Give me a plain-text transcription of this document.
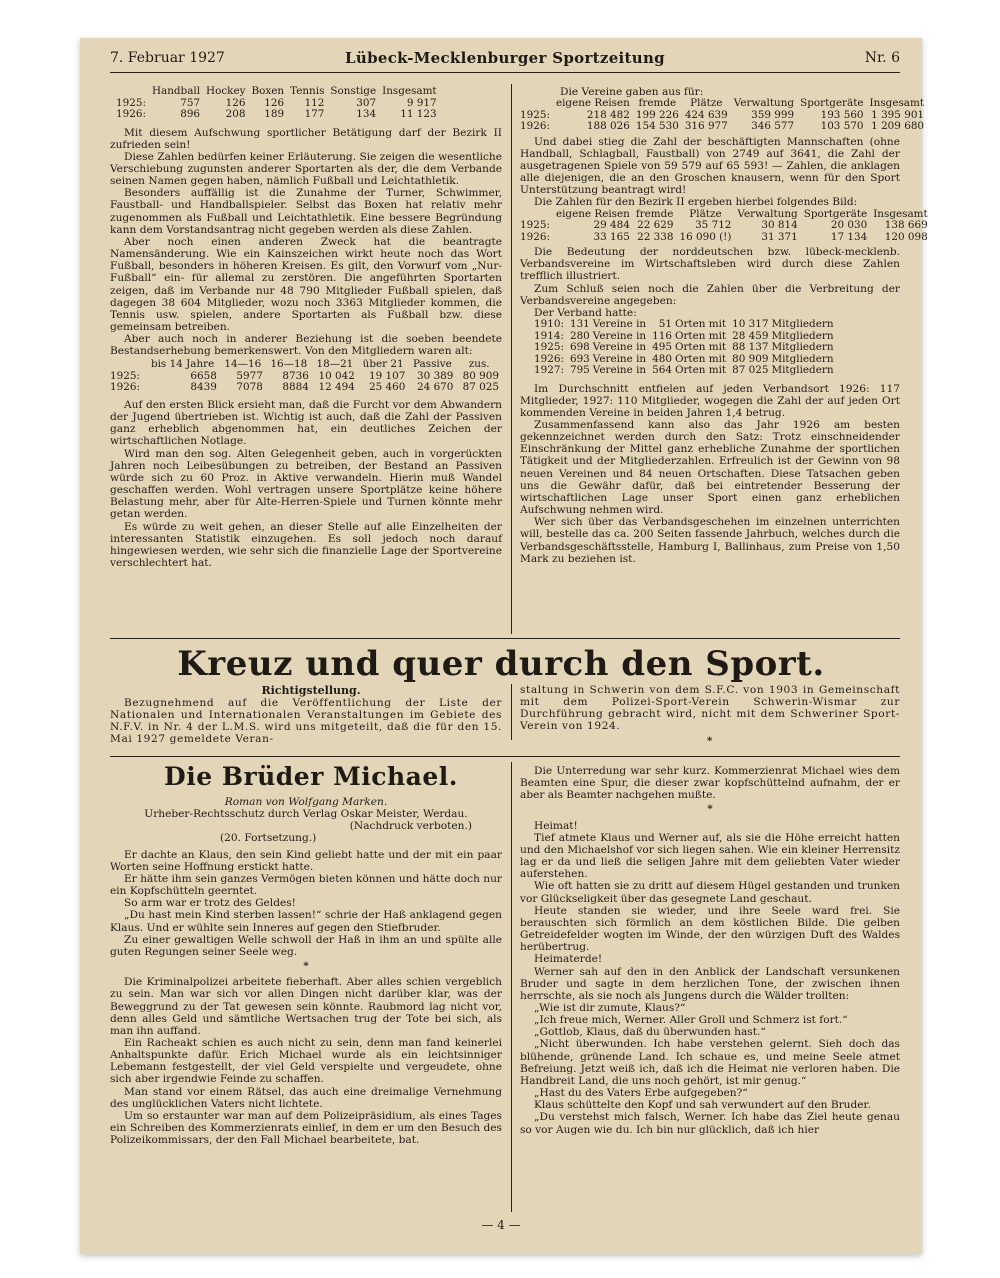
7. Februar 1927	Lübeck-Mecklenburger Sportzeitung	Nr. 6
	Handball	Hockey	Boxen	Tennis	Sonstige	Insgesamt
1925:	757	126	126	112	307	9 917
1926:	896	208	189	177	134	11 123

Mit diesem Aufschwung sportlicher Betätigung darf der Bezirk II zufrieden sein!

Diese Zahlen bedürfen keiner Erläuterung. Sie zeigen die wesentliche Verschiebung zugunsten anderer Sportarten als der, die dem Verbande seinen Namen gegen haben, nämlich Fußball und Leichtathletik.

Besonders auffällig ist die Zunahme der Turner, Schwimmer, Faustball- und Handballspieler. Selbst das Boxen hat relativ mehr zugenommen als Fußball und Leichtathletik. Eine bessere Begründung kann dem Vorstandsantrag nicht gegeben werden als diese Zahlen.

Aber noch einen anderen Zweck hat die beantragte Namensänderung. Wie ein Kainszeichen wirkt heute noch das Wort Fußball, besonders in höheren Kreisen. Es gilt, den Vorwurf vom „Nur-Fußball“ ein- für allemal zu zerstören. Die angeführten Sportarten zeigen, daß im Verbande nur 48 790 Mitglieder Fußball spielen, daß dagegen 38 604 Mitglieder, wozu noch 3363 Mitglieder kommen, die Tennis usw. spielen, andere Sportarten als Fußball bzw. diese gemeinsam betreiben.

Aber auch noch in anderer Beziehung ist die soeben beendete Bestandserhebung bemerkenswert. Von den Mitgliedern waren alt:

	bis 14 Jahre	14—16	16—18	18—21	über 21	Passive	zus.
1925:	6658	5977	8736	10 042	19 107	30 389	80 909
1926:	8439	7078	8884	12 494	25 460	24 670	87 025

Auf den ersten Blick ersieht man, daß die Furcht vor dem Abwandern der Jugend übertrieben ist. Wichtig ist auch, daß die Zahl der Passiven ganz erheblich abgenommen hat, ein deutliches Zeichen der wirtschaftlichen Notlage.

Wird man den sog. Alten Gelegenheit geben, auch in vorgerückten Jahren noch Leibesübungen zu betreiben, der Bestand an Passiven würde sich zu 60 Proz. in Aktive verwandeln. Hierin muß Wandel geschaffen werden. Wohl vertragen unsere Sportplätze keine höhere Belastung mehr, aber für Alte-Herren-Spiele und Turnen könnte mehr getan werden.

Es würde zu weit gehen, an dieser Stelle auf alle Einzelheiten der interessanten Statistik einzugehen. Es soll jedoch noch darauf hingewiesen werden, wie sehr sich die finanzielle Lage der Sportvereine verschlechtert hat.

Die Vereine gaben aus für:

	eigene Reisen	fremde	Plätze	Verwaltung	Sportgeräte	Insgesamt
1925:	218 482	199 226	424 639	359 999	193 560	1 395 901
1926:	188 026	154 530	316 977	346 577	103 570	1 209 680

Und dabei stieg die Zahl der beschäftigten Mannschaften (ohne Handball, Schlagball, Faustball) von 2749 auf 3641, die Zahl der ausgetragenen Spiele von 59 579 auf 65 593! — Zahlen, die anklagen alle diejenigen, die an den Groschen knausern, wenn für den Sport Unterstützung beantragt wird!

Die Zahlen für den Bezirk II ergeben hierbei folgendes Bild:

	eigene Reisen	fremde	Plätze	Verwaltung	Sportgeräte	Insgesamt
1925:	29 484	22 629	35 712	30 814	20 030	138 669
1926:	33 165	22 338	16 090 (!)	31 371	17 134	120 098

Die Bedeutung der norddeutschen bzw. lübeck-mecklenb. Verbandsvereine im Wirtschaftsleben wird durch diese Zahlen trefflich illustriert.

Zum Schluß seien noch die Zahlen über die Verbreitung der Verbandsvereine angegeben:

Der Verband hatte:

1910:	131	Vereine in	51	Orten mit	10 317	Mitgliedern
1914:	280	Vereine in	116	Orten mit	28 459	Mitgliedern
1925:	698	Vereine in	495	Orten mit	88 137	Mitgliedern
1926:	693	Vereine in	480	Orten mit	80 909	Mitgliedern
1927:	795	Vereine in	564	Orten mit	87 025	Mitgliedern

Im Durchschnitt entfielen auf jeden Verbandsort 1926: 117 Mitglieder, 1927: 110 Mitglieder, wogegen die Zahl der auf jeden Ort kommenden Vereine in beiden Jahren 1,4 betrug.

Zusammenfassend kann also das Jahr 1926 am besten gekennzeichnet werden durch den Satz: Trotz einschneidender Einschränkung der Mittel ganz erhebliche Zunahme der sportlichen Tätigkeit und der Mitgliederzahlen. Erfreulich ist der Gewinn von 98 neuen Vereinen und 84 neuen Ortschaften. Diese Tatsachen geben uns die Gewähr dafür, daß bei eintretender Besserung der wirtschaftlichen Lage unser Sport einen ganz erheblichen Aufschwung nehmen wird.

Wer sich über das Verbandsgeschehen im einzelnen unterrichten will, bestelle das ca. 200 Seiten fassende Jahrbuch, welches durch die Verbandsgeschäftsstelle, Hamburg I, Ballinhaus, zum Preise von 1,50 Mark zu beziehen ist.

Kreuz und quer durch den Sport.
Richtigstellung.

Bezugnehmend auf die Veröffentlichung der Liste der Nationalen und Internationalen Veranstaltungen im Gebiete des N.F.V. in Nr. 4 der L.M.S. wird uns mitgeteilt, daß die für den 15. Mai 1927 gemeldete Veran-

staltung in Schwerin von dem S.F.C. von 1903 in Gemeinschaft mit dem Polizei-Sport-Verein Schwerin-Wismar zur Durchführung gebracht wird, nicht mit dem Schweriner Sport-Verein von 1924.

*
Die Brüder Michael.

Roman von Wolfgang Marken.

Urheber-Rechtsschutz durch Verlag Oskar Meister, Werdau.

(Nachdruck verboten.)

(20. Fortsetzung.)

Er dachte an Klaus, den sein Kind geliebt hatte und der mit ein paar Worten seine Hoffnung erstickt hatte.

Er hätte ihm sein ganzes Vermögen bieten können und hätte doch nur ein Kopfschütteln geerntet.

So arm war er trotz des Geldes!

„Du hast mein Kind sterben lassen!“ schrie der Haß anklagend gegen Klaus. Und er wühlte sein Inneres auf gegen den Stiefbruder.

Zu einer gewaltigen Welle schwoll der Haß in ihm an und spülte alle guten Regungen seiner Seele weg.

*

Die Kriminalpolizei arbeitete fieberhaft. Aber alles schien vergeblich zu sein. Man war sich vor allen Dingen nicht darüber klar, was der Beweggrund zu der Tat gewesen sein könnte. Raubmord lag nicht vor, denn alles Geld und sämtliche Wertsachen trug der Tote bei sich, als man ihn auffand.

Ein Racheakt schien es auch nicht zu sein, denn man fand keinerlei Anhaltspunkte dafür. Erich Michael wurde als ein leichtsinniger Lebemann festgestellt, der viel Geld verspielte und vergeudete, ohne sich aber irgendwie Feinde zu schaffen.

Man stand vor einem Rätsel, das auch eine dreimalige Vernehmung des unglücklichen Vaters nicht lichtete.

Um so erstaunter war man auf dem Polizeipräsidium, als eines Tages ein Schreiben des Kommerzienrats einlief, in dem er um den Besuch des Polizeikommissars, der den Fall Michael bearbeitete, bat.

Die Unterredung war sehr kurz. Kommerzienrat Michael wies dem Beamten eine Spur, die dieser zwar kopfschüttelnd aufnahm, der er aber als Beamter nachgehen mußte.

*

Heimat!

Tief atmete Klaus und Werner auf, als sie die Höhe erreicht hatten und den Michaelshof vor sich liegen sahen. Wie ein kleiner Herrensitz lag er da und ließ die seligen Jahre mit dem geliebten Vater wieder auferstehen.

Wie oft hatten sie zu dritt auf diesem Hügel gestanden und trunken vor Glückseligkeit über das gesegnete Land geschaut.

Heute standen sie wieder, und ihre Seele ward frei. Sie berauschten sich förmlich an dem köstlichen Bilde. Die gelben Getreidefelder wogten im Winde, der den würzigen Duft des Waldes herübertrug.

Heimaterde!

Werner sah auf den in den Anblick der Landschaft versunkenen Bruder und sagte in dem herzlichen Tone, der zwischen ihnen herrschte, als sie noch als Jungens durch die Wälder trollten:

„Wie ist dir zumute, Klaus?“

„Ich freue mich, Werner. Aller Groll und Schmerz ist fort.“

„Gottlob, Klaus, daß du überwunden hast.“

„Nicht überwunden. Ich habe verstehen gelernt. Sieh doch das blühende, grünende Land. Ich schaue es, und meine Seele atmet Befreiung. Jetzt weiß ich, daß ich die Heimat nie verloren haben. Die Handbreit Land, die uns noch gehört, ist mir genug.“

„Hast du des Vaters Erbe aufgegeben?“

Klaus schüttelte den Kopf und sah verwundert auf den Bruder.

„Du verstehst mich falsch, Werner. Ich habe das Ziel heute genau so vor Augen wie du. Ich bin nur glücklich, daß ich hier

— 4 —
